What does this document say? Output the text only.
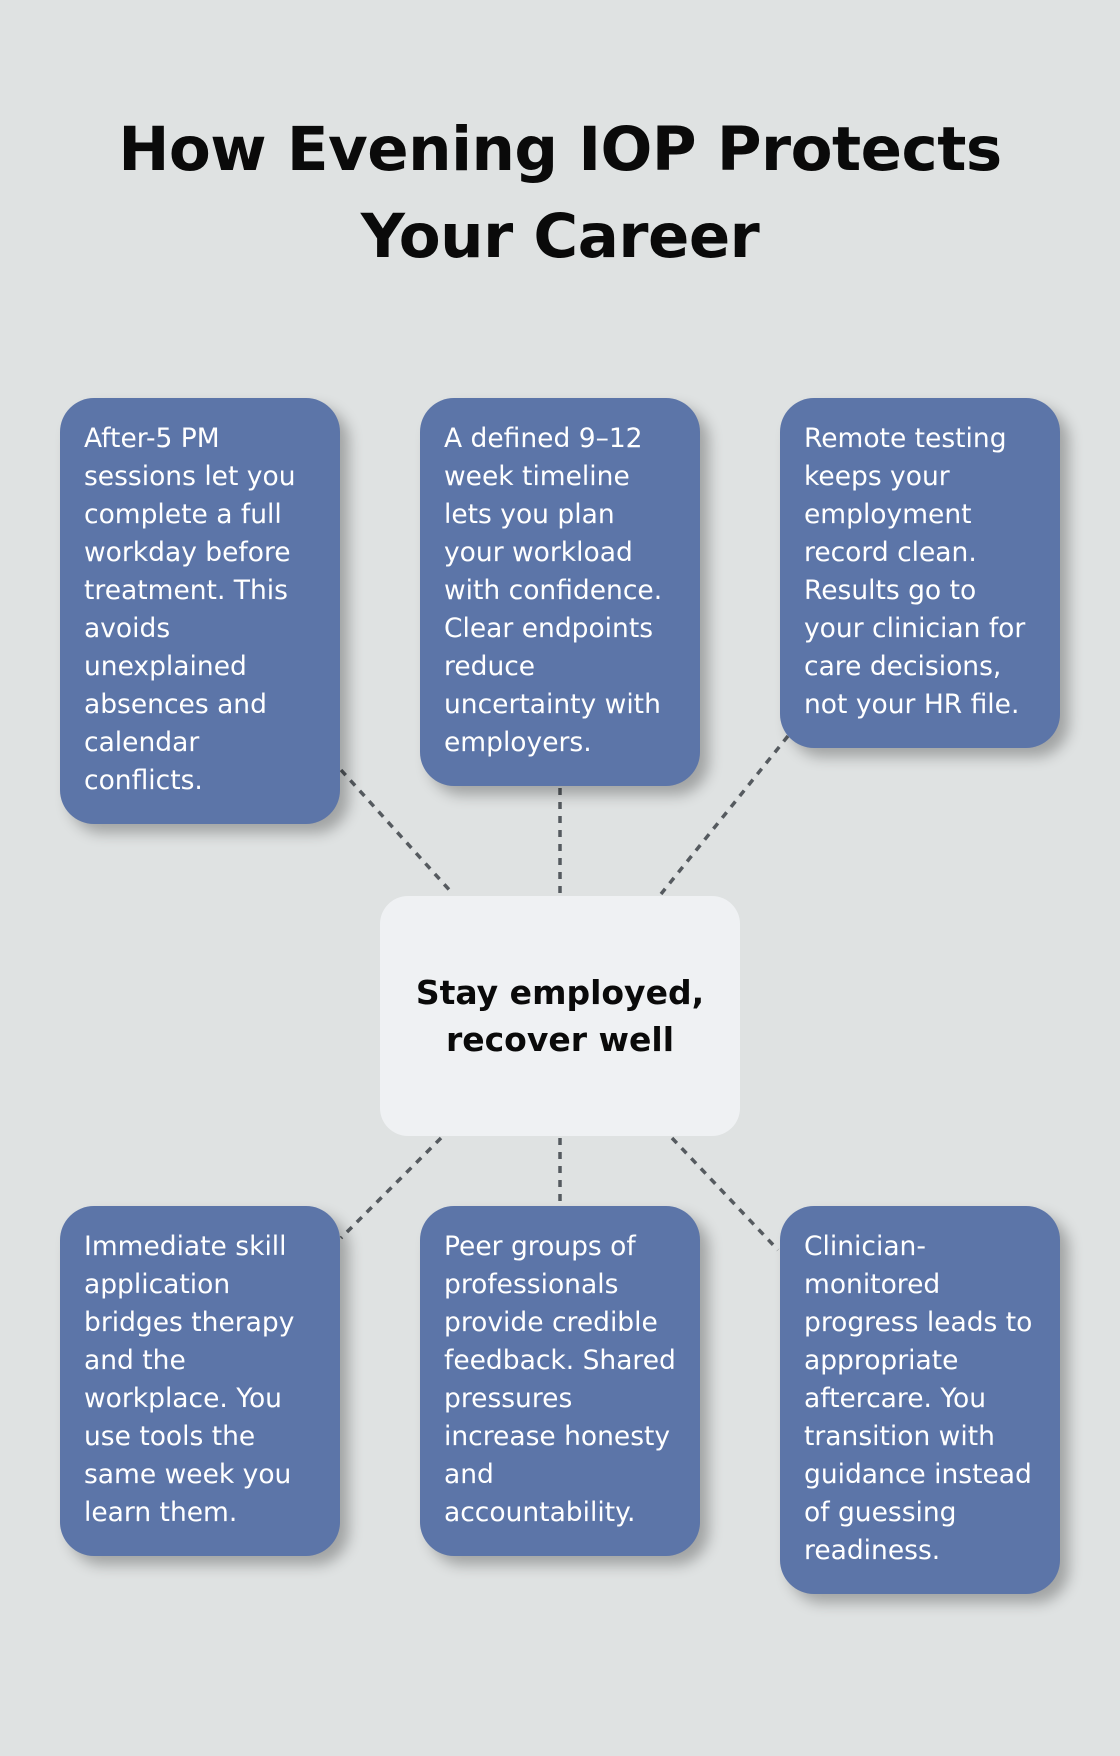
How Evening IOP Protects Your Career
After-5 PM sessions let you complete a full workday before treatment. This avoids unexplained absences and calendar conflicts.
A defined 9–12 week timeline lets you plan your workload with confidence. Clear endpoints reduce uncertainty with employers.
Remote testing keeps your employment record clean. Results go to your clinician for care decisions, not your HR file.
Stay employed, recover well
Immediate skill application bridges therapy and the workplace. You use tools the same week you learn them.
Peer groups of professionals provide credible feedback. Shared pressures increase honesty and accountability.
Clinician-monitored progress leads to appropriate aftercare. You transition with guidance instead of guessing readiness.
